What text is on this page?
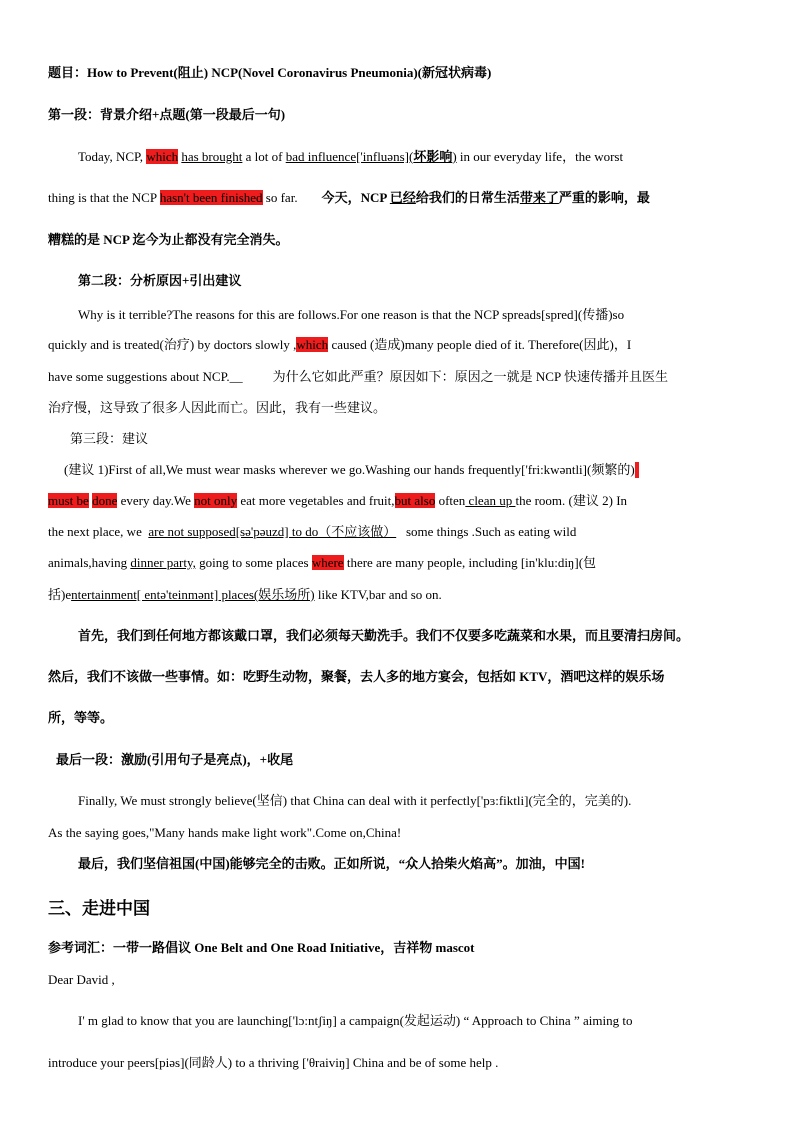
题目：How to Prevent(阻止) NCP(Novel Coronavirus Pneumonia)(新冠状病毒)
第一段：背景介绍+点题(第一段最后一句)
Today, NCP, which has brought a lot of bad influence['influəns](坏影响) in our everyday life，the worst
thing is that the NCP hasn't been finished so far. 今天，NCP 已经给我们的日常生活带来了严重的影响，最
糟糕的是 NCP 迄今为止都没有完全消失。
第二段：分析原因+引出建议
Why is it terrible?The reasons for this are follows.For one reason is that the NCP spreads[spred](传播)so
quickly and is treated(治疗) by doctors slowly ,which caused (造成)many people died of it. Therefore(因此)，I
have some suggestions about NCP.__ 为什么它如此严重？原因如下：原因之一就是 NCP 快速传播并且医生
治疗慢，这导致了很多人因此而亡。因此，我有一些建议。
第三段：建议
(建议 1)First of all,We must wear masks wherever we go.Washing our hands frequently['fri:kwəntli](频繁的)
must be done every day.We not only eat more vegetables and fruit,but also often clean up the room. (建议 2) In
the next place, we are not supposed[sə'pəuzd] to do（不应该做） some things .Such as eating wild
animals,having dinner party, going to some places where there are many people, including [in'klu:diŋ](包
括)entertainment[ entə'teinmənt] places(娱乐场所) like KTV,bar and so on.
首先，我们到任何地方都该戴口罩，我们必须每天勤洗手。我们不仅要多吃蔬菜和水果，而且要清扫房间。
然后，我们不该做一些事情。如：吃野生动物，聚餐，去人多的地方宴会，包括如 KTV，酒吧这样的娱乐场
所，等等。
最后一段：激励(引用句子是亮点)，+收尾
Finally, We must strongly believe(坚信) that China can deal with it perfectly['pɜ:fiktli](完全的，完美的).
As the saying goes,"Many hands make light work".Come on,China!
最后，我们坚信祖国(中国)能够完全的击败。正如所说，“众人拾柴火焰高”。加油，中国!
三、走进中国
参考词汇：一带一路倡议 One Belt and One Road Initiative，吉祥物 mascot
Dear David ,
I' m glad to know that you are launching['lɔ:ntʃiŋ] a campaign(发起运动) “ Approach to China ” aiming to
introduce your peers[piəs](同龄人) to a thriving ['θraiviŋ] China and be of some help .
